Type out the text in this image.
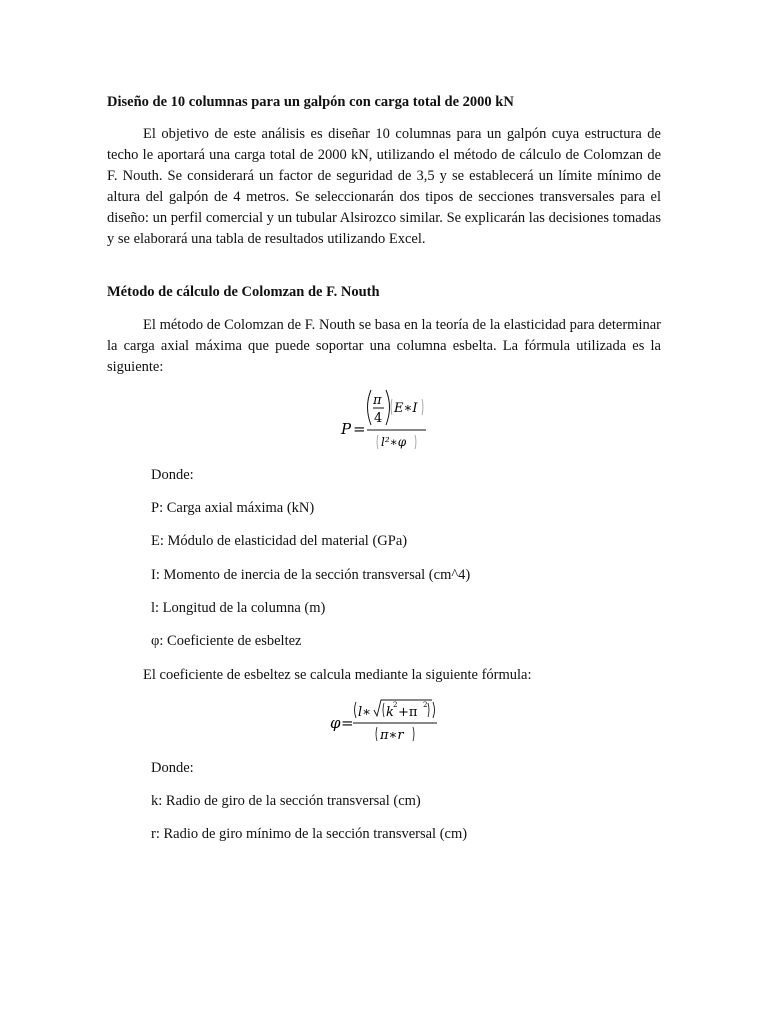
Diseño de 10 columnas para un galpón con carga total de 2000 kN
El objetivo de este análisis es diseñar 10 columnas para un galpón cuya estructura de techo le aportará una carga total de 2000 kN, utilizando el método de cálculo de Colomzan de F. Nouth. Se considerará un factor de seguridad de 3,5 y se establecerá un límite mínimo de altura del galpón de 4 metros. Se seleccionarán dos tipos de secciones transversales para el diseño: un perfil comercial y un tubular Alsirozco similar. Se explicarán las decisiones tomadas y se elaborará una tabla de resultados utilizando Excel.
Método de cálculo de Colomzan de F. Nouth
El método de Colomzan de F. Nouth se basa en la teoría de la elasticidad para determinar la carga axial máxima que puede soportar una columna esbelta. La fórmula utilizada es la siguiente:
P =
π
4
E∗I
l²∗φ
Donde:
P: Carga axial máxima (kN)
E: Módulo de elasticidad del material (GPa)
I: Momento de inercia de la sección transversal (cm^4)
l: Longitud de la columna (m)
φ: Coeficiente de esbeltez
El coeficiente de esbeltez se calcula mediante la siguiente fórmula:
φ =
l∗ k 2 +π 2
π∗r
Donde:
k: Radio de giro de la sección transversal (cm)
r: Radio de giro mínimo de la sección transversal (cm)
